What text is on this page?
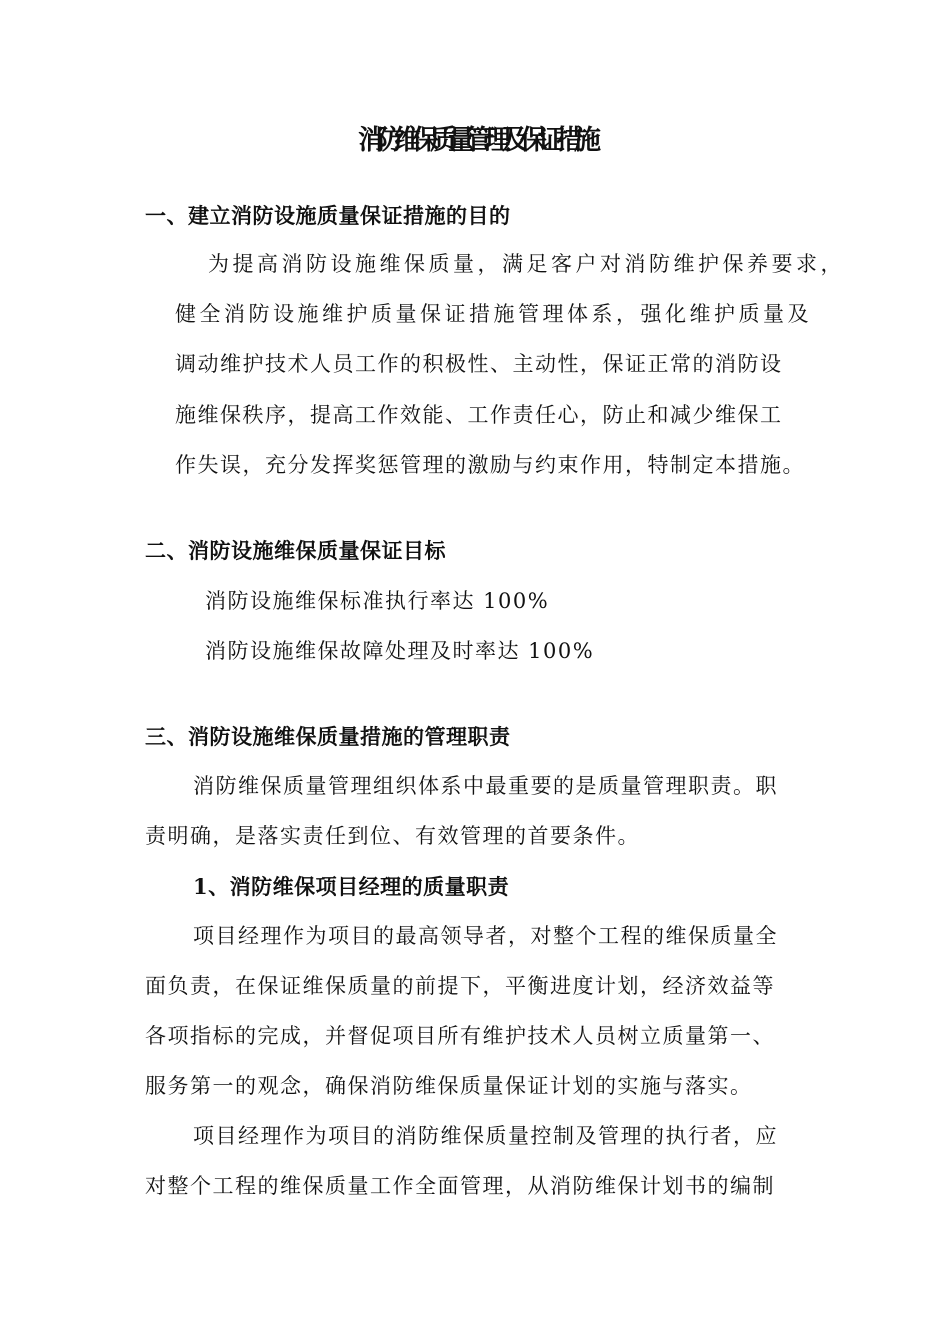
消防维保质量管理及保证措施
一、建立消防设施质量保证措施的目的
为提高消防设施维保质量，满足客户对消防维护保养要求，
健全消防设施维护质量保证措施管理体系，强化维护质量及
调动维护技术人员工作的积极性、主动性，保证正常的消防设
施维保秩序，提高工作效能、工作责任心，防止和减少维保工
作失误，充分发挥奖惩管理的激励与约束作用，特制定本措施。
二、消防设施维保质量保证目标
消防设施维保标准执行率达 100%
消防设施维保故障处理及时率达 100%
三、消防设施维保质量措施的管理职责
消防维保质量管理组织体系中最重要的是质量管理职责。职
责明确，是落实责任到位、有效管理的首要条件。
1、消防维保项目经理的质量职责
项目经理作为项目的最高领导者，对整个工程的维保质量全
面负责，在保证维保质量的前提下，平衡进度计划，经济效益等
各项指标的完成，并督促项目所有维护技术人员树立质量第一、
服务第一的观念，确保消防维保质量保证计划的实施与落实。
项目经理作为项目的消防维保质量控制及管理的执行者，应
对整个工程的维保质量工作全面管理，从消防维保计划书的编制
